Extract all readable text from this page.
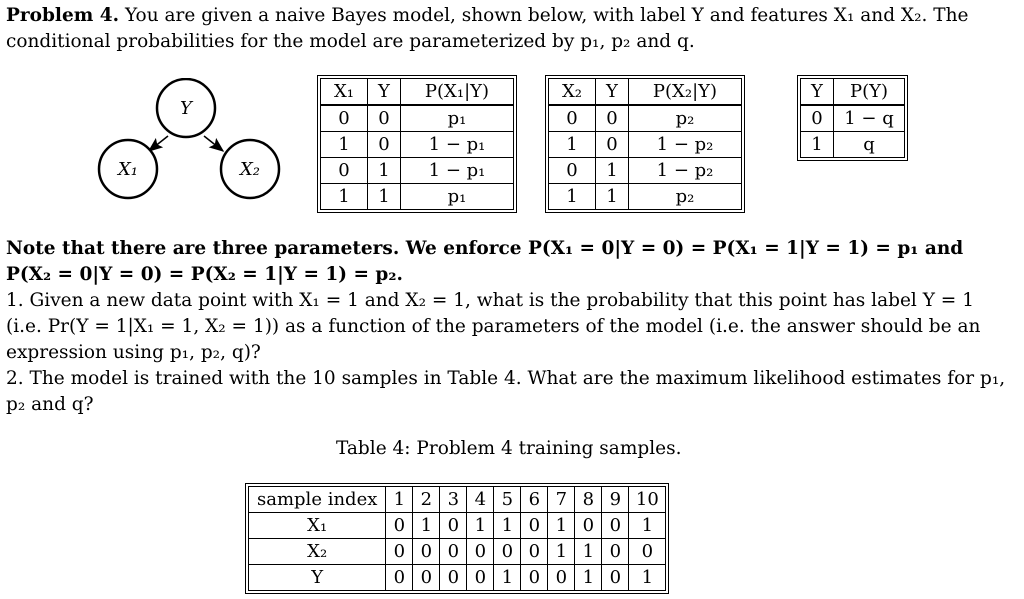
Problem 4. You are given a naive Bayes model, shown below, with label Y and features X₁ and X₂. The
conditional probabilities for the model are parameterized by p₁, p₂ and q.
Y
X₁	X₂
X₁	Y	P(X₁|Y)
0	0	p₁
1	0	1 − p₁
0	1	1 − p₁
1	1	p₁
X₂	Y	P(X₂|Y)
0	0	p₂
1	0	1 − p₂
0	1	1 − p₂
1	1	p₂
Y	P(Y)
0	1 − q
1	q
Note that there are three parameters. We enforce P(X₁ = 0|Y = 0) = P(X₁ = 1|Y = 1) = p₁ and
P(X₂ = 0|Y = 0) = P(X₂ = 1|Y = 1) = p₂.
1. Given a new data point with X₁ = 1 and X₂ = 1, what is the probability that this point has label Y = 1
(i.e. Pr(Y = 1|X₁ = 1, X₂ = 1)) as a function of the parameters of the model (i.e. the answer should be an
expression using p₁, p₂, q)?
2. The model is trained with the 10 samples in Table 4. What are the maximum likelihood estimates for p₁,
p₂ and q?
Table 4: Problem 4 training samples.
sample index	1	2	3	4	5	6	7	8	9	10
X₁	0	1	0	1	1	0	1	0	0	1
X₂	0	0	0	0	0	0	1	1	0	0
Y	0	0	0	0	1	0	0	1	0	1
